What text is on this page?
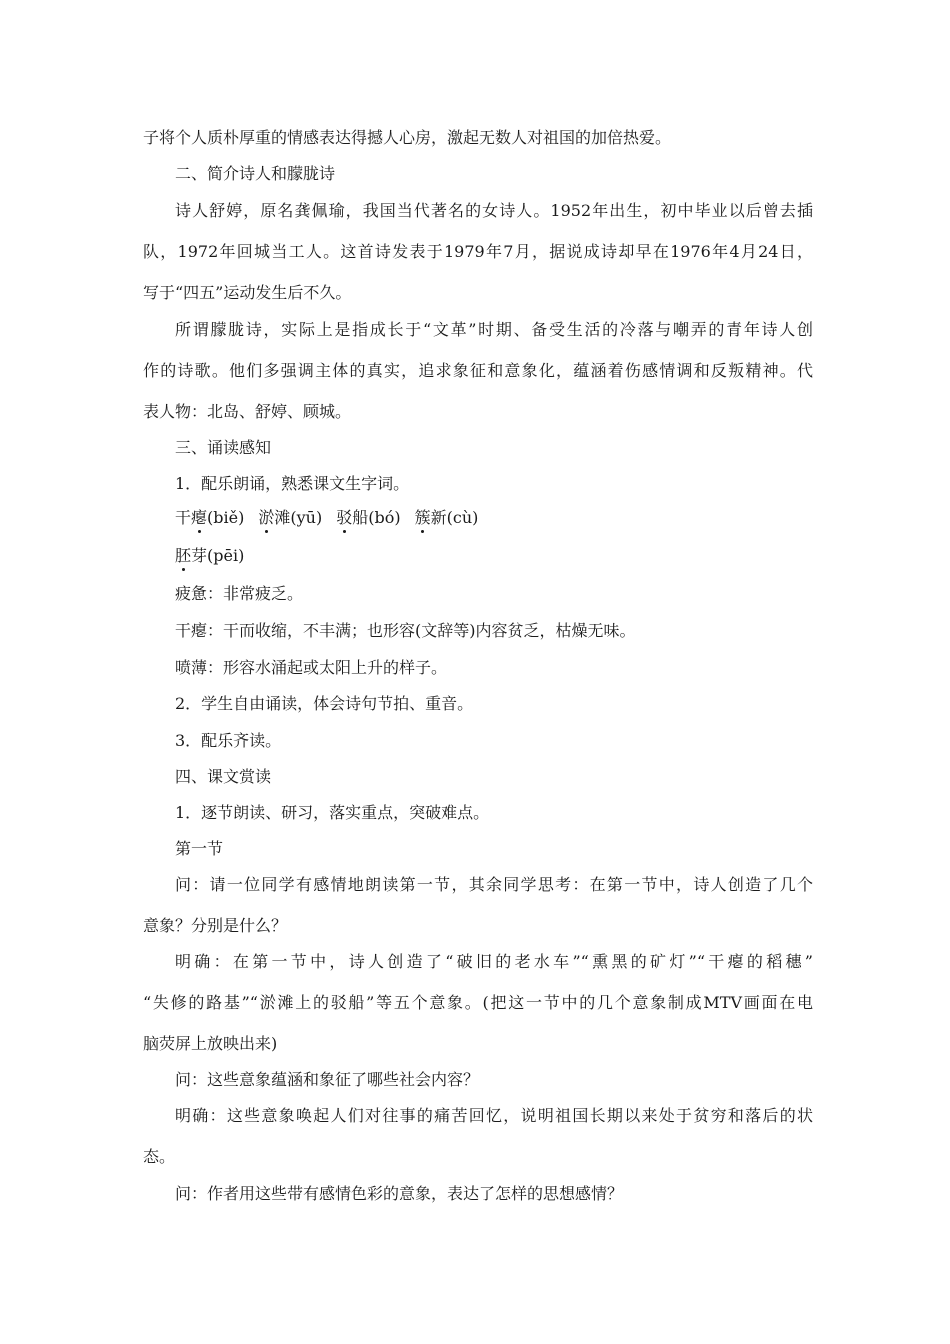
子将个人质朴厚重的情感表达得撼人心房，激起无数人对祖国的加倍热爱。
二、简介诗人和朦胧诗
诗人舒婷，原名龚佩瑜，我国当代著名的女诗人。1952年出生，初中毕业以后曾去插
队，1972年回城当工人。这首诗发表于1979年7月，据说成诗却早在1976年4月24日，
写于“四五”运动发生后不久。
所谓朦胧诗，实际上是指成长于“文革”时期、备受生活的冷落与嘲弄的青年诗人创
作的诗歌。他们多强调主体的真实，追求象征和意象化，蕴涵着伤感情调和反叛精神。代
表人物：北岛、舒婷、顾城。
三、诵读感知
1．配乐朗诵，熟悉课文生字词。
干瘪(biě) 淤滩(yū) 驳船(bó) 簇新(cù)
胚芽(pēi)
疲惫：非常疲乏。
干瘪：干而收缩，不丰满；也形容(文辞等)内容贫乏，枯燥无味。
喷薄：形容水涌起或太阳上升的样子。
2．学生自由诵读，体会诗句节拍、重音。
3．配乐齐读。
四、课文赏读
1．逐节朗读、研习，落实重点，突破难点。
第一节
问：请一位同学有感情地朗读第一节，其余同学思考：在第一节中，诗人创造了几个
意象？分别是什么？
明确：在第一节中，诗人创造了“破旧的老水车”“熏黑的矿灯”“干瘪的稻穗”
“失修的路基”“淤滩上的驳船”等五个意象。(把这一节中的几个意象制成MTV画面在电
脑荧屏上放映出来)
问：这些意象蕴涵和象征了哪些社会内容？
明确：这些意象唤起人们对往事的痛苦回忆，说明祖国长期以来处于贫穷和落后的状
态。
问：作者用这些带有感情色彩的意象，表达了怎样的思想感情？
